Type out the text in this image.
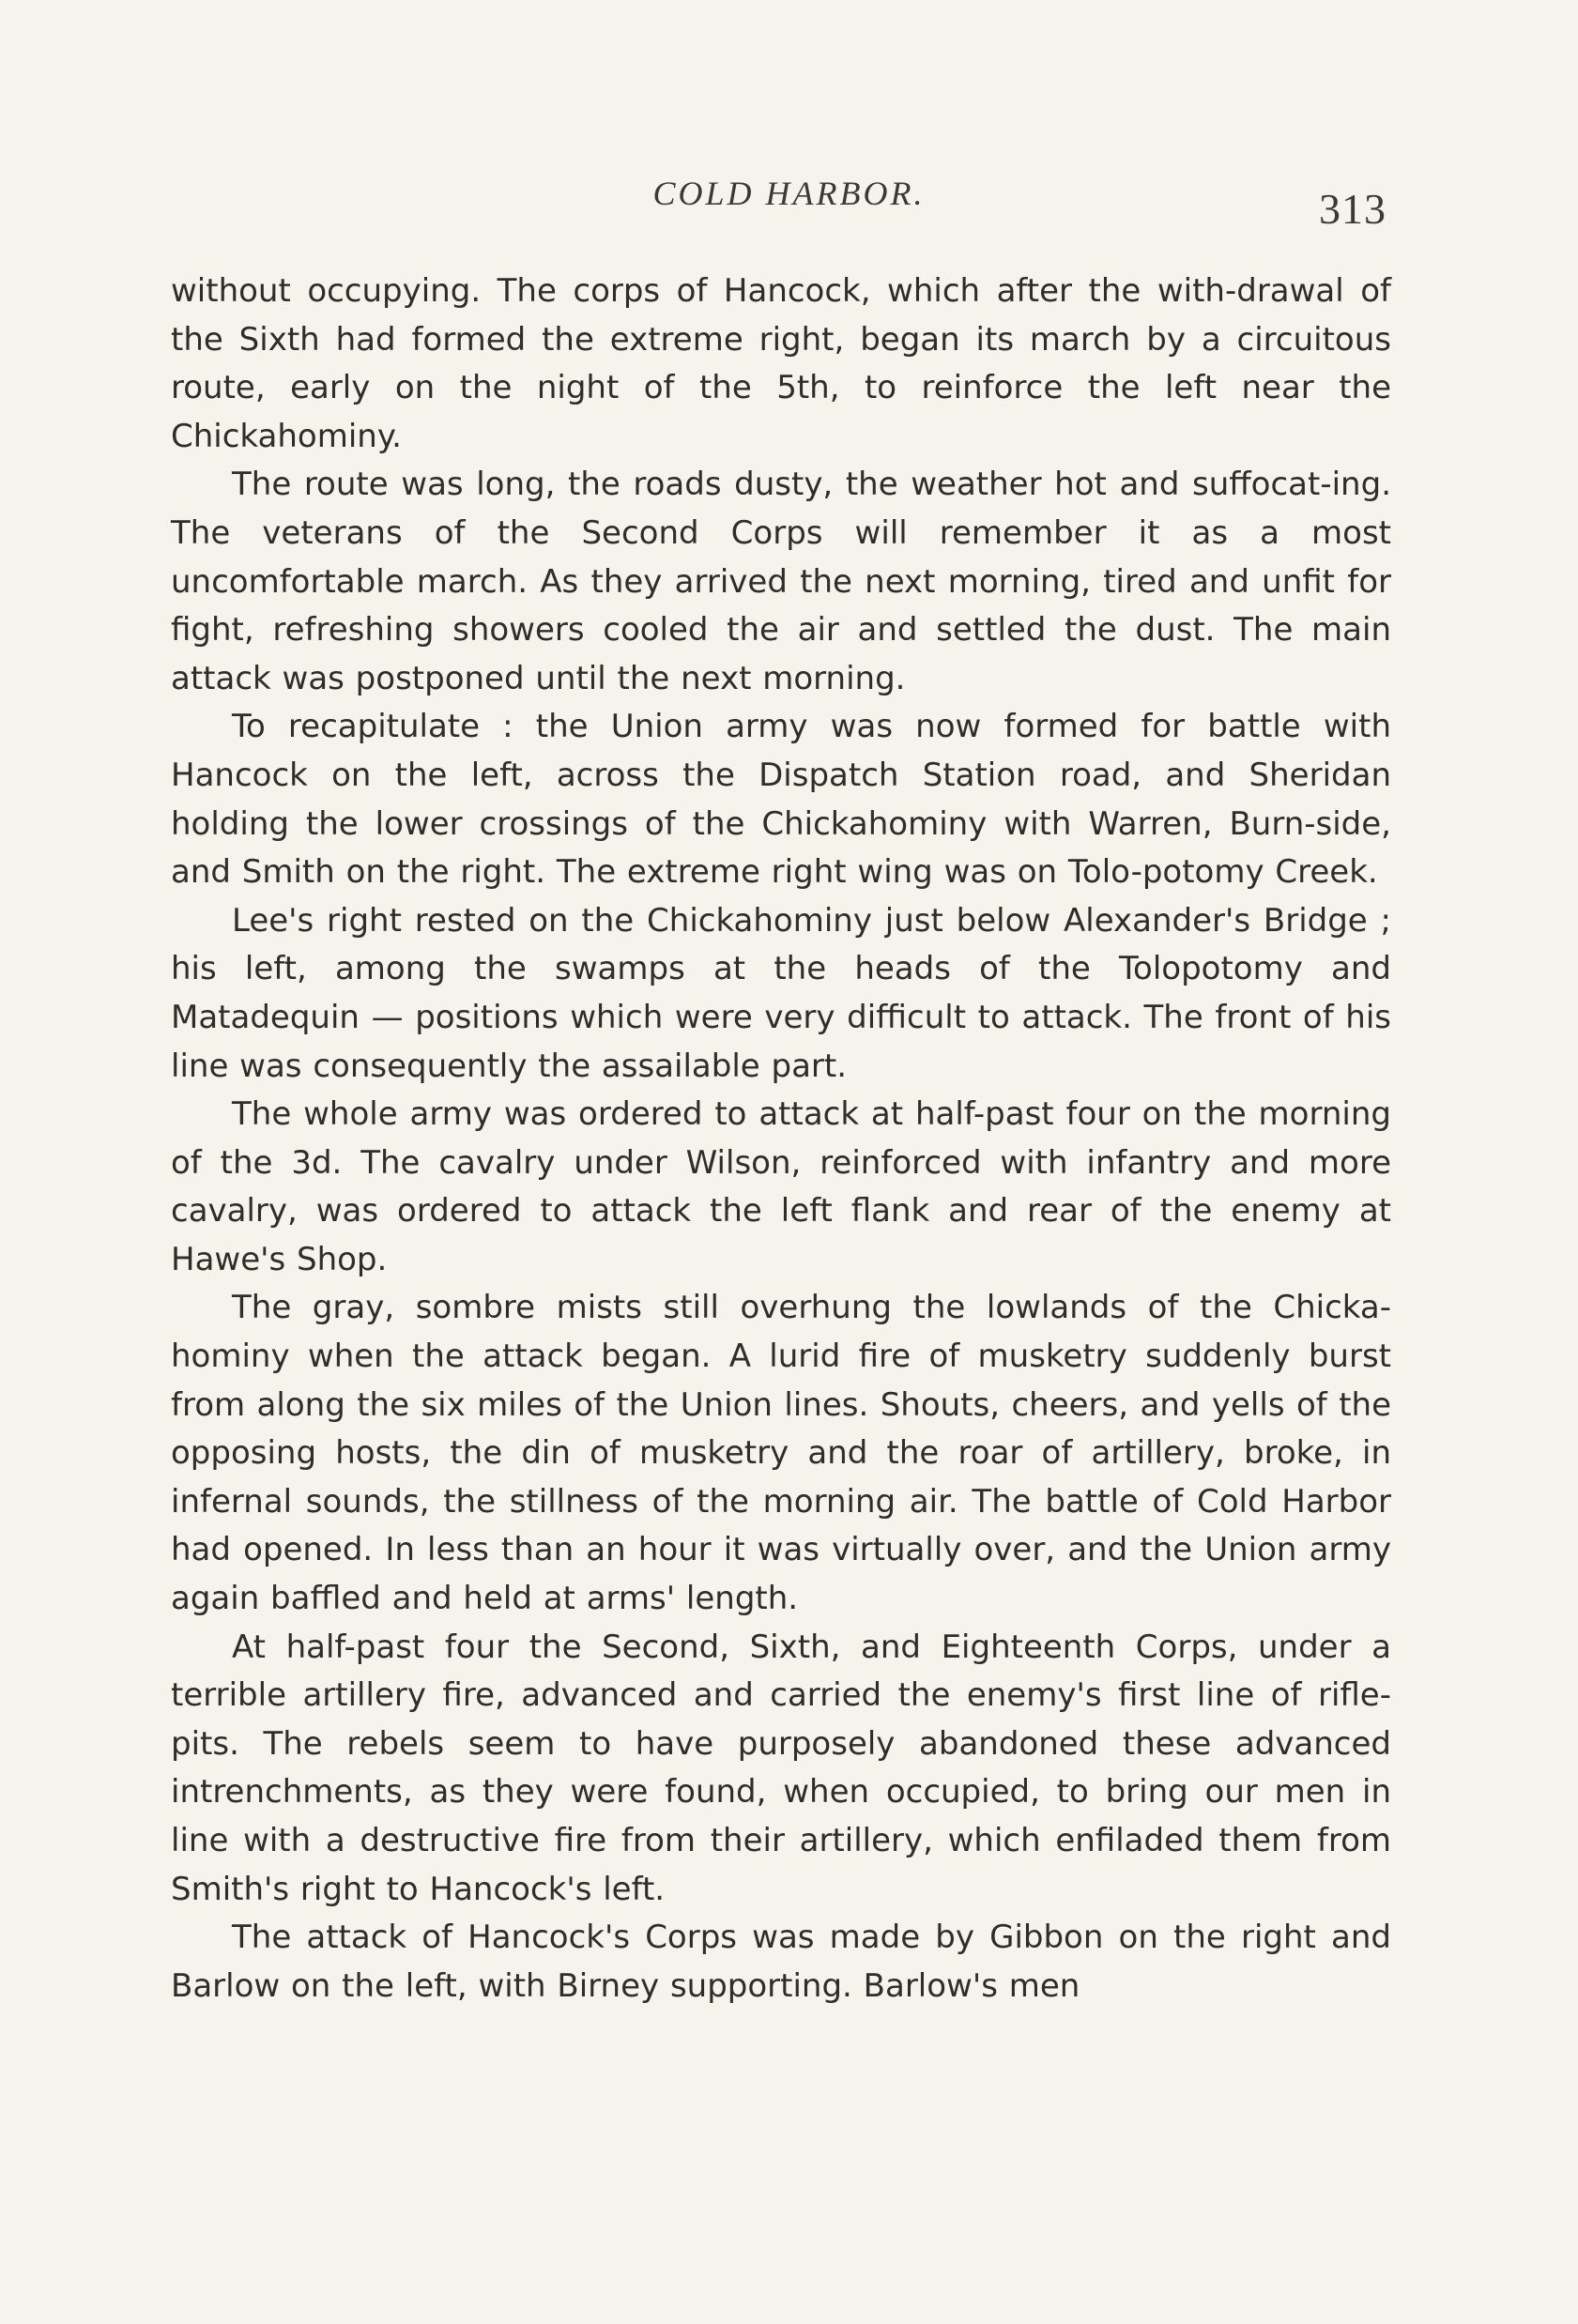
COLD HARBOR.	313

without occupying. The corps of Hancock, which after the with-drawal of the Sixth had formed the extreme right, began its march by a circuitous route, early on the night of the 5th, to reinforce the left near the Chickahominy.

The route was long, the roads dusty, the weather hot and suffocat-ing. The veterans of the Second Corps will remember it as a most uncomfortable march. As they arrived the next morning, tired and unfit for fight, refreshing showers cooled the air and settled the dust. The main attack was postponed until the next morning.

To recapitulate : the Union army was now formed for battle with Hancock on the left, across the Dispatch Station road, and Sheridan holding the lower crossings of the Chickahominy with Warren, Burn-side, and Smith on the right. The extreme right wing was on Tolo-potomy Creek.

Lee's right rested on the Chickahominy just below Alexander's Bridge ; his left, among the swamps at the heads of the Tolopotomy and Matadequin — positions which were very difficult to attack. The front of his line was consequently the assailable part.

The whole army was ordered to attack at half-past four on the morning of the 3d. The cavalry under Wilson, reinforced with infantry and more cavalry, was ordered to attack the left flank and rear of the enemy at Hawe's Shop.

The gray, sombre mists still overhung the lowlands of the Chicka-hominy when the attack began. A lurid fire of musketry suddenly burst from along the six miles of the Union lines. Shouts, cheers, and yells of the opposing hosts, the din of musketry and the roar of artillery, broke, in infernal sounds, the stillness of the morning air. The battle of Cold Harbor had opened. In less than an hour it was virtually over, and the Union army again baffled and held at arms' length.

At half-past four the Second, Sixth, and Eighteenth Corps, under a terrible artillery fire, advanced and carried the enemy's first line of rifle-pits. The rebels seem to have purposely abandoned these advanced intrenchments, as they were found, when occupied, to bring our men in line with a destructive fire from their artillery, which enfiladed them from Smith's right to Hancock's left.

The attack of Hancock's Corps was made by Gibbon on the right and Barlow on the left, with Birney supporting. Barlow's men
